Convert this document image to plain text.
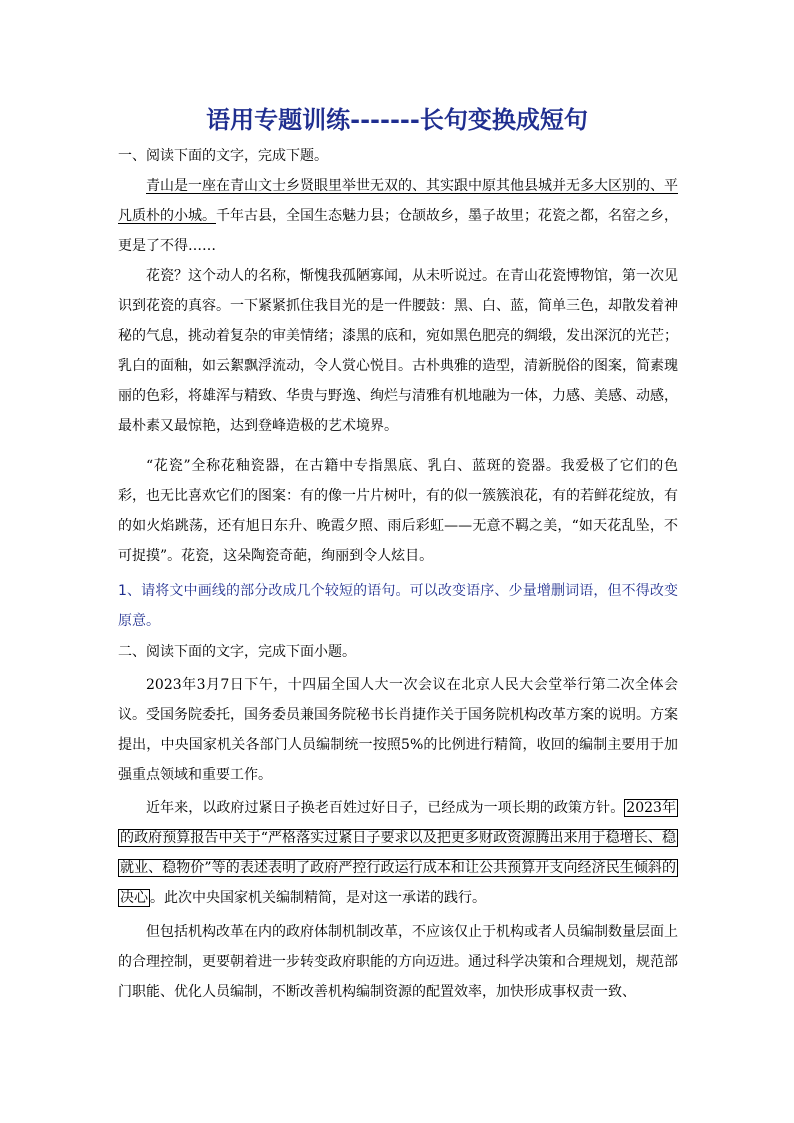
语用专题训练-------长句变换成短句

一、阅读下面的文字，完成下题。

青山是一座在青山文士乡贤眼里举世无双的、其实跟中原其他县城并无多大区别的、平凡质朴的小城。千年古县，全国生态魅力县；仓颉故乡，墨子故里；花瓷之都，名窑之乡，更是了不得……

花瓷？这个动人的名称，惭愧我孤陋寡闻，从未听说过。在青山花瓷博物馆，第一次见识到花瓷的真容。一下紧紧抓住我目光的是一件腰鼓：黑、白、蓝，简单三色，却散发着神秘的气息，挑动着复杂的审美情绪；漆黑的底和，宛如黑色肥亮的绸缎，发出深沉的光芒；乳白的面釉，如云絮飘浮流动，令人赏心悦目。古朴典雅的造型，清新脱俗的图案，简素瑰丽的色彩，将雄浑与精致、华贵与野逸、绚烂与清雅有机地融为一体，力感、美感、动感，最朴素又最惊艳，达到登峰造极的艺术境界。

“花瓷”全称花釉瓷器，在古籍中专指黑底、乳白、蓝斑的瓷器。我爱极了它们的色彩，也无比喜欢它们的图案：有的像一片片树叶，有的似一簇簇浪花，有的若鲜花绽放，有的如火焰跳荡，还有旭日东升、晚霞夕照、雨后彩虹——无意不羁之美，“如天花乱坠，不可捉摸”。花瓷，这朵陶瓷奇葩，绚丽到令人炫目。

1、请将文中画线的部分改成几个较短的语句。可以改变语序、少量增删词语，但不得改变原意。

二、阅读下面的文字，完成下面小题。

2023年3月7日下午，十四届全国人大一次会议在北京人民大会堂举行第二次全体会议。受国务院委托，国务委员兼国务院秘书长肖捷作关于国务院机构改革方案的说明。方案提出，中央国家机关各部门人员编制统一按照5%的比例进行精简，收回的编制主要用于加强重点领域和重要工作。

近年来，以政府过紧日子换老百姓过好日子，已经成为一项长期的政策方针。 2023年的政府预算报告中关于“严格落实过紧日子要求以及把更多财政资源腾出来用于稳增长、稳就业、稳物价”等的表述表明了政府严控行政运行成本和让公共预算开支向经济民生倾斜的决心 。此次中央国家机关编制精简，是对这一承诺的践行。

但包括机构改革在内的政府体制机制改革，不应该仅止于机构或者人员编制数量层面上的合理控制，更要朝着进一步转变政府职能的方向迈进。通过科学决策和合理规划，规范部门职能、优化人员编制，不断改善机构编制资源的配置效率，加快形成事权责一致、
